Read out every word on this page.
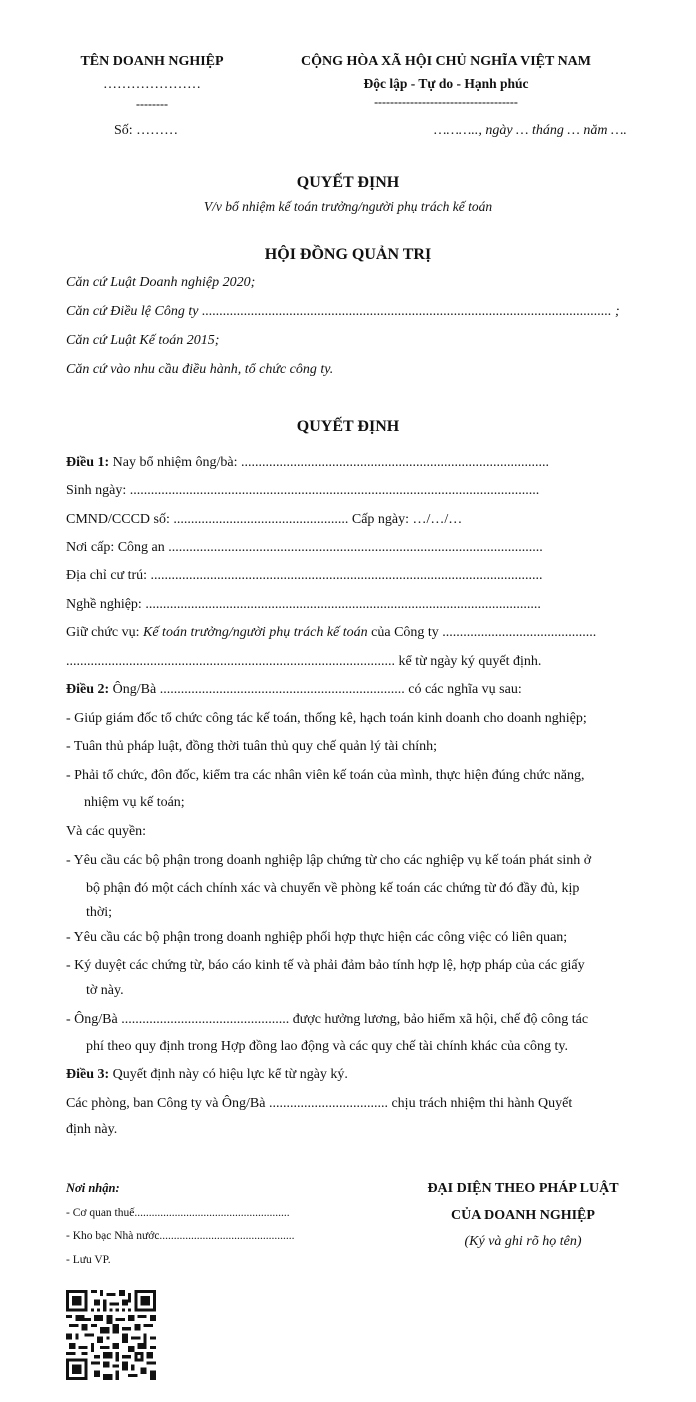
TÊN DOANH NGHIỆP
…………………
--------
Số: ………
CỘNG HÒA XÃ HỘI CHỦ NGHĨA VIỆT NAM
Độc lập - Tự do - Hạnh phúc
------------------------------------
……….., ngày … tháng … năm ….
QUYẾT ĐỊNH
V/v bổ nhiệm kế toán trưởng/người phụ trách kế toán
HỘI ĐỒNG QUẢN TRỊ
Căn cứ Luật Doanh nghiệp 2020;
Căn cứ Điều lệ Công ty ..................................................................................................................... ;
Căn cứ Luật Kế toán 2015;
Căn cứ vào nhu cầu điều hành, tổ chức công ty.
QUYẾT ĐỊNH
Điều 1: Nay bổ nhiệm ông/bà: ........................................................................................
Sinh ngày: .....................................................................................................................
CMND/CCCD số: .................................................. Cấp ngày: …/…/…
Nơi cấp: Công an ...........................................................................................................
Địa chỉ cư trú: ................................................................................................................
Nghề nghiệp: .................................................................................................................
Giữ chức vụ: Kế toán trưởng/người phụ trách kế toán của Công ty ............................................
.............................................................................................. kể từ ngày ký quyết định.
Điều 2: Ông/Bà ...................................................................... có các nghĩa vụ sau:
- Giúp giám đốc tổ chức công tác kế toán, thống kê, hạch toán kinh doanh cho doanh nghiệp;
- Tuân thủ pháp luật, đồng thời tuân thủ quy chế quản lý tài chính;
- Phải tổ chức, đôn đốc, kiểm tra các nhân viên kế toán của mình, thực hiện đúng chức năng,
nhiệm vụ kế toán;
Và các quyền:
- Yêu cầu các bộ phận trong doanh nghiệp lập chứng từ cho các nghiệp vụ kế toán phát sinh ở
bộ phận đó một cách chính xác và chuyển về phòng kế toán các chứng từ đó đầy đủ, kịp
thời;
- Yêu cầu các bộ phận trong doanh nghiệp phối hợp thực hiện các công việc có liên quan;
- Ký duyệt các chứng từ, báo cáo kinh tế và phải đảm bảo tính hợp lệ, hợp pháp của các giấy
tờ này.
- Ông/Bà ................................................ được hưởng lương, bảo hiểm xã hội, chế độ công tác
phí theo quy định trong Hợp đồng lao động và các quy chế tài chính khác của công ty.
Điều 3: Quyết định này có hiệu lực kể từ ngày ký.
Các phòng, ban Công ty và Ông/Bà .................................. chịu trách nhiệm thi hành Quyết
định này.
Nơi nhận:
- Cơ quan thuế......................................................
- Kho bạc Nhà nước...............................................
- Lưu VP.
ĐẠI DIỆN THEO PHÁP LUẬT
CỦA DOANH NGHIỆP
(Ký và ghi rõ họ tên)
